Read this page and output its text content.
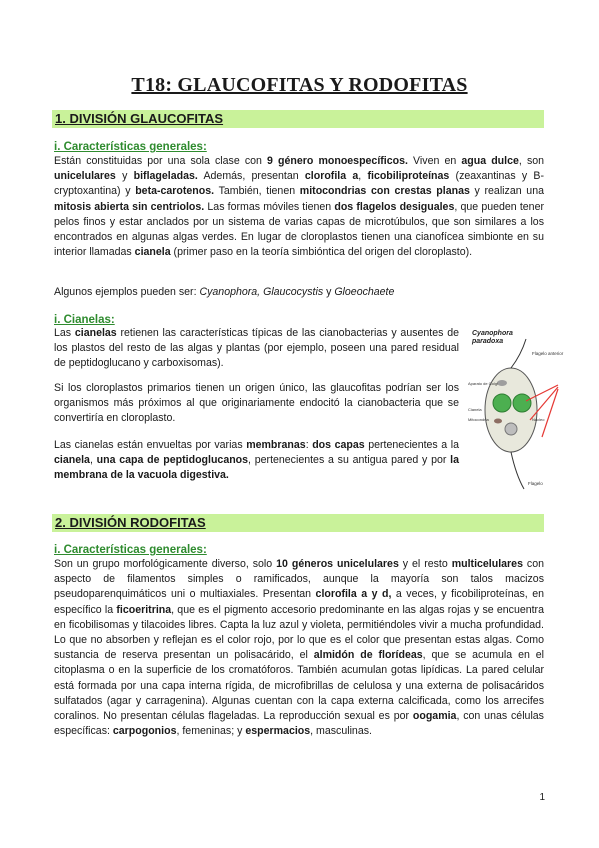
T18: GLAUCOFITAS Y RODOFITAS
1. DIVISIÓN GLAUCOFITAS
i. Características generales:
Están constituidas por una sola clase con 9 género monoespecíficos. Viven en agua dulce, son unicelulares y biflageladas. Además, presentan clorofila a, ficobiliproteínas (zeaxantinas y B-cryptoxantina) y beta-carotenos. También, tienen mitocondrias con crestas planas y realizan una mitosis abierta sin centriolos. Las formas móviles tienen dos flagelos desiguales, que pueden tener pelos finos y estar anclados por un sistema de varias capas de microtúbulos, que son similares a los encontrados en algunas algas verdes. En lugar de cloroplastos tienen una cianofícea simbionte en su interior llamadas cianela (primer paso en la teoría simbióntica del origen del cloroplasto).
Algunos ejemplos pueden ser: Cyanophora, Glaucocystis y Gloeochaete
i. Cianelas:
Las cianelas retienen las características típicas de las cianobacterias y ausentes de los plastos del resto de las algas y plantas (por ejemplo, poseen una pared residual de peptidoglucano y carboxisomas).
Si los cloroplastos primarios tienen un origen único, las glaucofitas podrían ser los organismos más próximos al que originariamente endocitó la cianobacteria que se convertiría en cloroplasto.
Las cianelas están envueltas por varias membranas: dos capas pertenecientes a la cianela, una capa de peptidoglucanos, pertenecientes a su antigua pared y por la membrana de la vacuola digestiva.
Cyanophora
paradoxa
Flagelo anterior
Aparato de Golgi
Cianela
Mitocondria	Núcleo
Flagelo
2. DIVISIÓN RODOFITAS
i. Características generales:
Son un grupo morfológicamente diverso, solo 10 géneros unicelulares y el resto multicelulares con aspecto de filamentos simples o ramificados, aunque la mayoría son talos macizos pseudoparenquimáticos uni o multiaxiales. Presentan clorofila a y d, a veces, y ficobiliproteínas, en específico la ficoeritrina, que es el pigmento accesorio predominante en las algas rojas y se encuentra en ficobilisomas y tilacoides libres. Capta la luz azul y violeta, permitiéndoles vivir a mucha profundidad. Lo que no absorben y reflejan es el color rojo, por lo que es el color que presentan estas algas. Como sustancia de reserva presentan un polisacárido, el almidón de florídeas, que se acumula en el citoplasma o en la superficie de los cromatóforos. También acumulan gotas lipídicas. La pared celular está formada por una capa interna rígida, de microfibrillas de celulosa y una externa de polisacáridos sulfatados (agar y carragenina). Algunas cuentan con la capa externa calcificada, como los arrecifes coralinos. No presentan células flageladas. La reproducción sexual es por oogamia, con unas células específicas: carpogonios, femeninas; y espermacios, masculinas.
1
